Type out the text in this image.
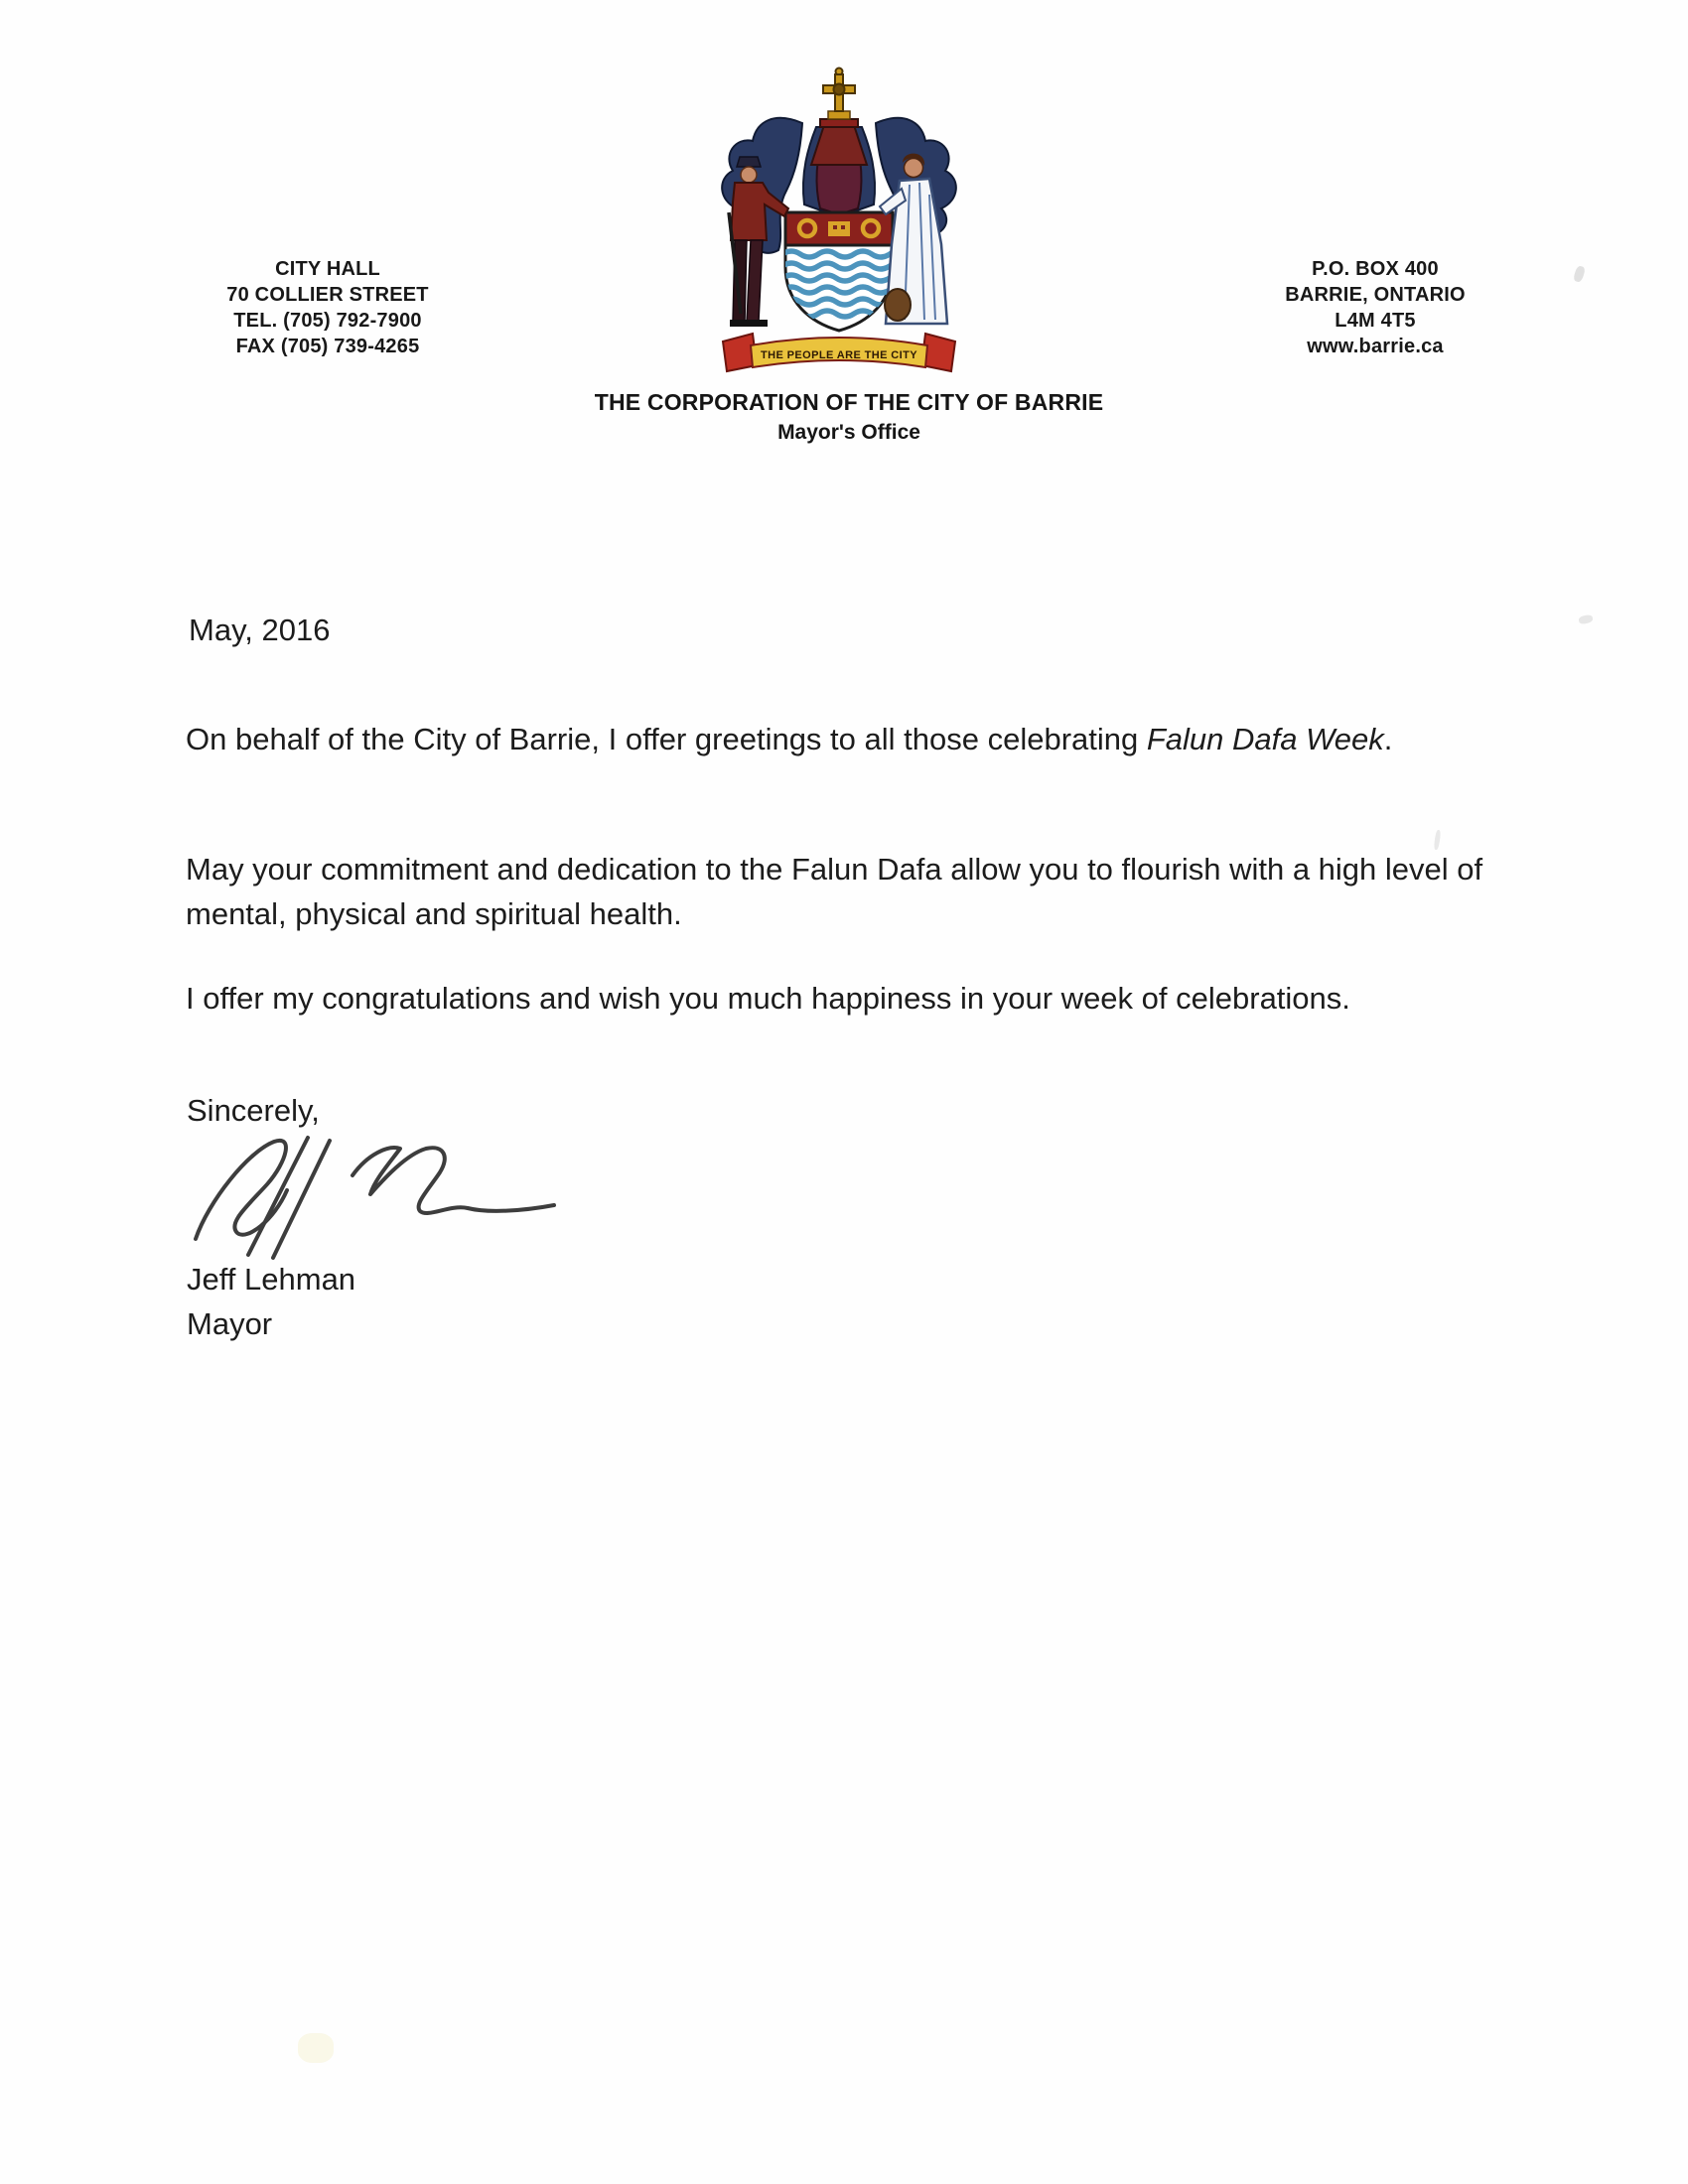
CITY HALL
70 COLLIER STREET
TEL. (705) 792-7900
FAX (705) 739-4265
P.O. BOX 400
BARRIE, ONTARIO
L4M 4T5
www.barrie.ca
THE PEOPLE ARE THE CITY
THE CORPORATION OF THE CITY OF BARRIE
Mayor's Office
May, 2016

On behalf of the City of Barrie, I offer greetings to all those celebrating Falun Dafa Week.

May your commitment and dedication to the Falun Dafa allow you to flourish with a high level of mental, physical and spiritual health.

I offer my congratulations and wish you much happiness in your week of celebrations.

Sincerely,
Jeff Lehman
Mayor
